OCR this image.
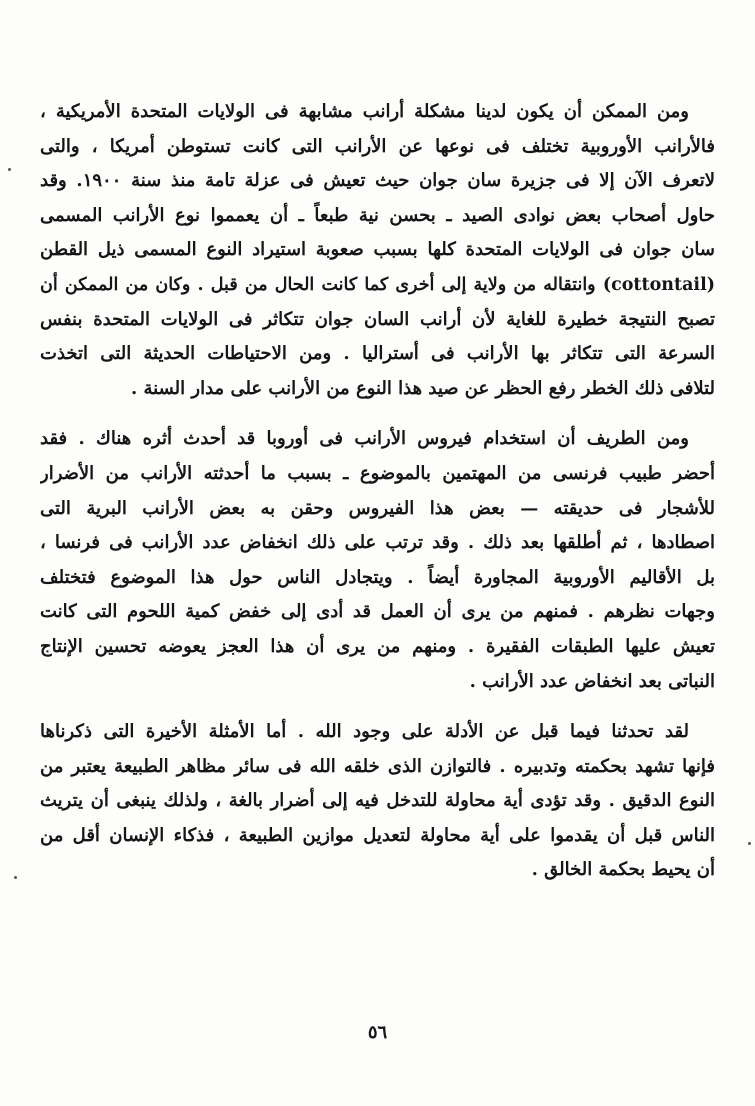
ومن الممكن أن يكون لدينا مشكلة أرانب مشابهة فى الولايات المتحدة الأمريكية ،
فالأرانب الأوروبية تختلف فى نوعها عن الأرانب التى كانت تستوطن أمريكا ، والتى
لاتعرف الآن إلا فى جزيرة سان جوان حيث تعيش فى عزلة تامة منذ سنة ١٩٠٠. وقد
حاول أصحاب بعض نوادى الصيد ـ بحسن نية طبعاً ـ أن يعمموا نوع الأرانب المسمى
سان جوان فى الولايات المتحدة كلها بسبب صعوبة استيراد النوع المسمى ذيل القطن
(cottontail) وانتقاله من ولاية إلى أخرى كما كانت الحال من قبل . وكان من الممكن أن
تصبح النتيجة خطيرة للغاية لأن أرانب السان جوان تتكاثر فى الولايات المتحدة بنفس
السرعة التى تتكاثر بها الأرانب فى أستراليا . ومن الاحتياطات الحديثة التى اتخذت
لتلافى ذلك الخطر رفع الحظر عن صيد هذا النوع من الأرانب على مدار السنة .
ومن الطريف أن استخدام فيروس الأرانب فى أوروبا قد أحدث أثره هناك . فقد
أحضر طبيب فرنسى من المهتمين بالموضوع ـ بسبب ما أحدثته الأرانب من الأضرار
للأشجار فى حديقته — بعض هذا الفيروس وحقن به بعض الأرانب البرية التى
اصطادها ، ثم أطلقها بعد ذلك . وقد ترتب على ذلك انخفاض عدد الأرانب فى فرنسا ،
بل الأقاليم الأوروبية المجاورة أيضاً . ويتجادل الناس حول هذا الموضوع فتختلف
وجهات نظرهم . فمنهم من يرى أن العمل قد أدى إلى خفض كمية اللحوم التى كانت
تعيش عليها الطبقات الفقيرة . ومنهم من يرى أن هذا العجز يعوضه تحسين الإنتاج
النباتى بعد انخفاض عدد الأرانب .
لقد تحدثنا فيما قبل عن الأدلة على وجود الله . أما الأمثلة الأخيرة التى ذكرناها
فإنها تشهد بحكمته وتدبيره . فالتوازن الذى خلقه الله فى سائر مظاهر الطبيعة يعتبر من
النوع الدقيق . وقد تؤدى أية محاولة للتدخل فيه إلى أضرار بالغة ، ولذلك ينبغى أن يتريث
الناس قبل أن يقدموا على أية محاولة لتعديل موازين الطبيعة ، فذكاء الإنسان أقل من
أن يحيط بحكمة الخالق .
٥٦
